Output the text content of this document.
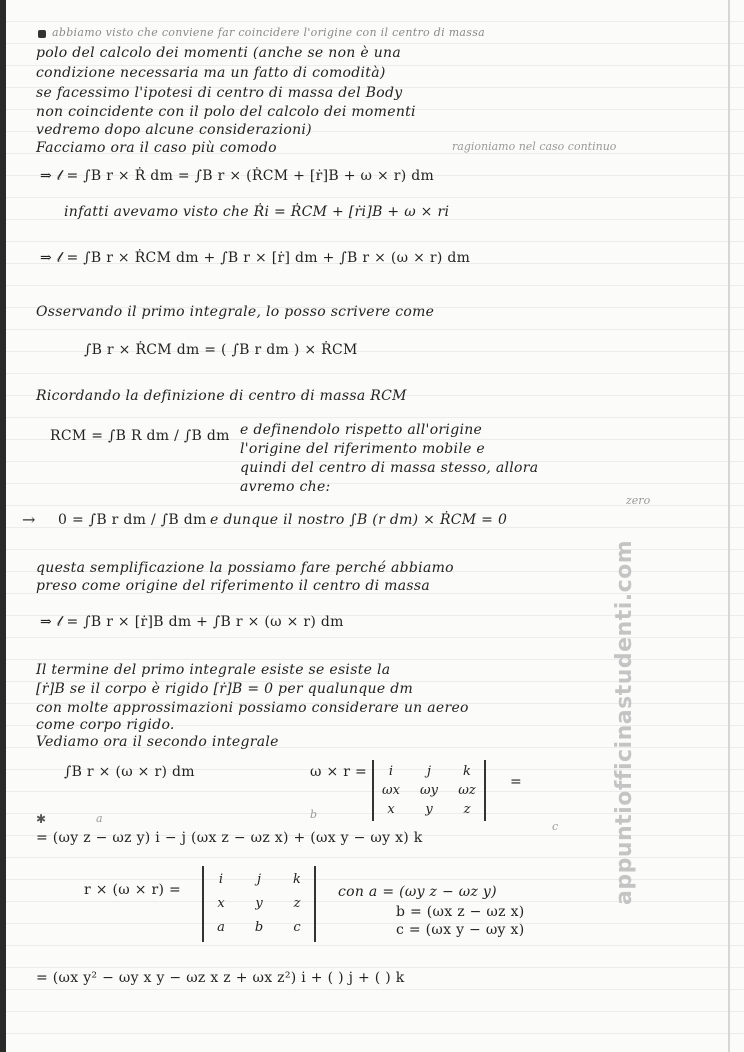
abbiamo visto che conviene far coincidere l'origine con il centro di massa
polo del calcolo dei momenti (anche se non è una
condizione necessaria ma un fatto di comodità)
se facessimo l'ipotesi di centro di massa del Body
non coincidente con il polo del calcolo dei momenti
vedremo dopo alcune considerazioni)
Facciamo ora il caso più comodo	ragioniamo nel caso continuo
⇒ 𝓁 = ∫B r × Ṙ dm = ∫B r × (ṘCM + [ṙ]B + ω × r) dm
infatti avevamo visto che Ṙi = ṘCM + [ṙi]B + ω × ri
⇒ 𝓁 = ∫B r × ṘCM dm + ∫B r × [ṙ] dm + ∫B r × (ω × r) dm
Osservando il primo integrale, lo posso scrivere come
∫B r × ṘCM dm = ( ∫B r dm ) × ṘCM
Ricordando la definizione di centro di massa RCM
RCM = ∫B R dm / ∫B dm e definendolo rispetto all'origine
l'origine del riferimento mobile e
quindi del centro di massa stesso, allora
avremo che:
→ 0 = ∫B r dm / ∫B dm e dunque il nostro ∫B (r dm) × ṘCM = 0
zero
questa semplificazione la possiamo fare perché abbiamo
preso come origine del riferimento il centro di massa
⇒ 𝓁 = ∫B r × [ṙ]B dm + ∫B r × (ω × r) dm
Il termine del primo integrale esiste se esiste la
[ṙ]B se il corpo è rigido [ṙ]B = 0 per qualunque dm
con molte approssimazioni possiamo considerare un aereo
come corpo rigido.
Vediamo ora il secondo integrale
∫B r × (ω × r) dm	ω × r =	i	j	k
ωx ωy ωz
x	y	z
=
✱	a	b
c
= (ωy z − ωz y) i − j (ωx z − ωz x) + (ωx y − ωy x) k
r × (ω × r) =
i	j	k
x	y	z
a	b	c
con a = (ωy z − ωz y)
b = (ωx z − ωz x)
c = (ωx y − ωy x)
= (ωx y² − ωy x y − ωz x z + ωx z²) i + ( ) j + ( ) k
appuntiofficinastudenti.com
